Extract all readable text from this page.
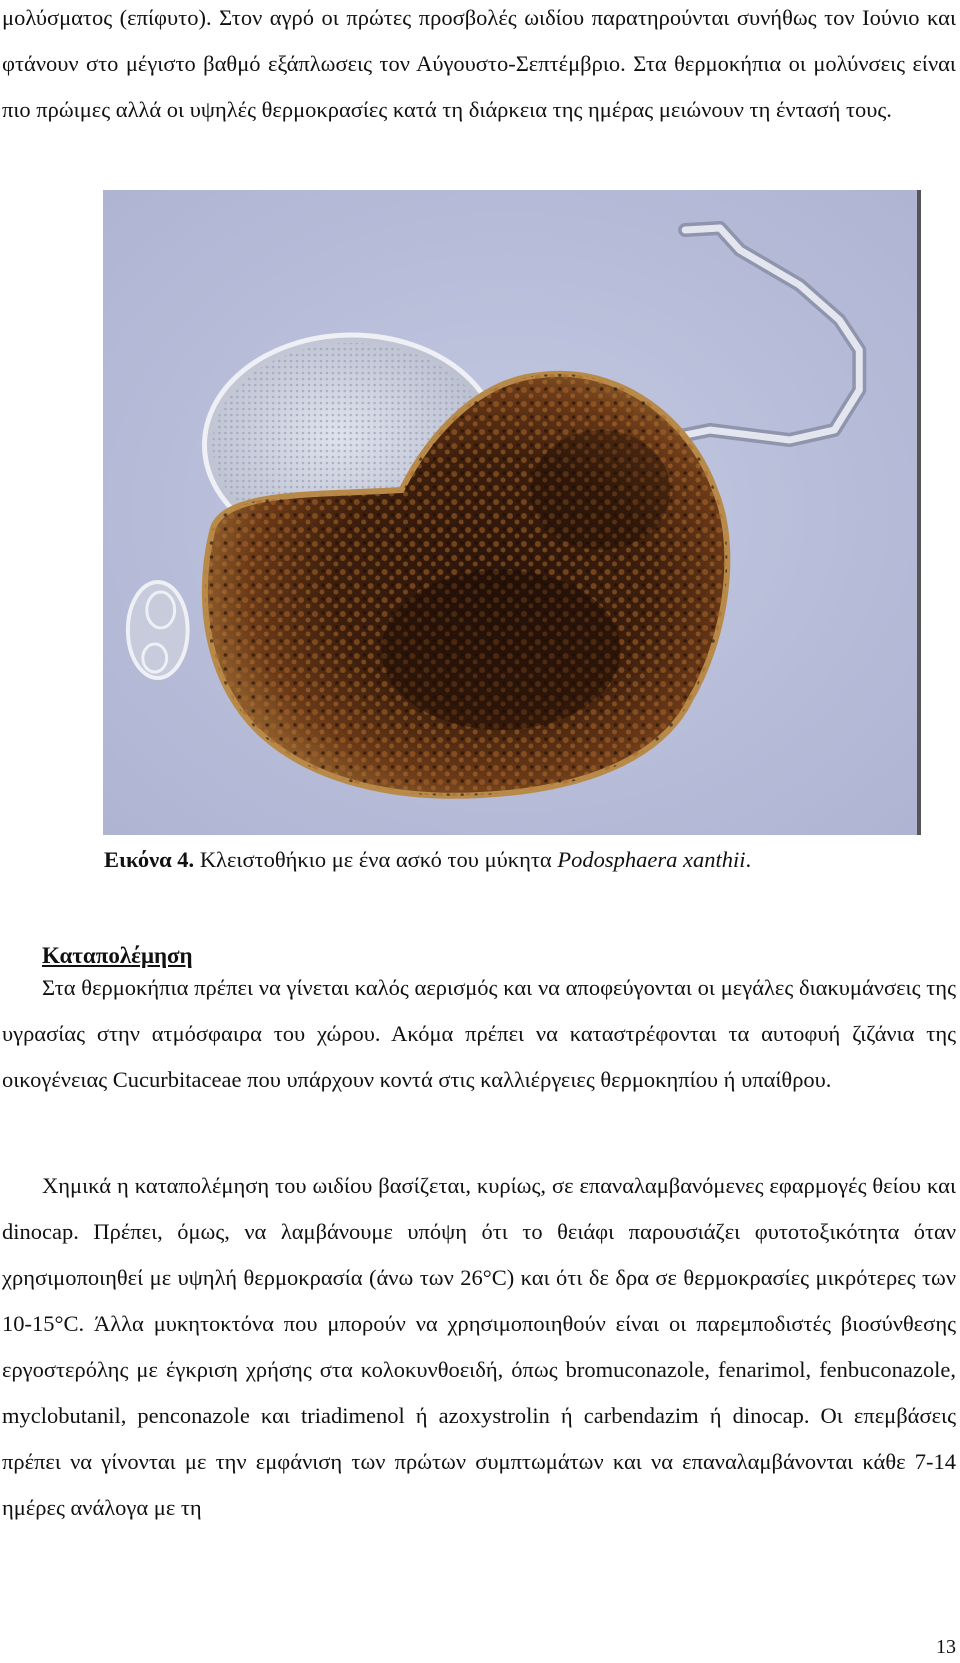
μολύσματος (επίφυτο). Στον αγρό οι πρώτες προσβολές ωιδίου παρατηρούνται συνήθως τον Ιούνιο και φτάνουν στο μέγιστο βαθμό εξάπλωσεις τον Αύγουστο-Σεπτέμβριο. Στα θερμοκήπια οι μολύνσεις είναι πιο πρώιμες αλλά οι υψηλές θερμοκρασίες κατά τη διάρκεια της ημέρας μειώνουν τη έντασή τους.

Εικόνα 4. Κλειστοθήκιο με ένα ασκό του μύκητα Podosphaera xanthii.
Καταπολέμηση

Στα θερμοκήπια πρέπει να γίνεται καλός αερισμός και να αποφεύγονται οι μεγάλες διακυμάνσεις της υγρασίας στην ατμόσφαιρα του χώρου. Ακόμα πρέπει να καταστρέφονται τα αυτοφυή ζιζάνια της οικογένειας Cucurbitaceae που υπάρχουν κοντά στις καλλιέργειες θερμοκηπίου ή υπαίθρου.

Χημικά η καταπολέμηση του ωιδίου βασίζεται, κυρίως, σε επαναλαμβανόμενες εφαρμογές θείου και dinocap. Πρέπει, όμως, να λαμβάνουμε υπόψη ότι το θειάφι παρουσιάζει φυτοτοξικότητα όταν χρησιμοποιηθεί με υψηλή θερμοκρασία (άνω των 26°C) και ότι δε δρα σε θερμοκρασίες μικρότερες των 10-15°C. Άλλα μυκητοκτόνα που μπορούν να χρησιμοποιηθούν είναι οι παρεμποδιστές βιοσύνθεσης εργοστερόλης με έγκριση χρήσης στα κολοκυνθοειδή, όπως bromuconazole, fenarimol, fenbuconazole, myclobutanil, penconazole και triadimenol ή azoxystrolin ή carbendazim ή dinocap. Οι επεμβάσεις πρέπει να γίνονται με την εμφάνιση των πρώτων συμπτωμάτων και να επαναλαμβάνονται κάθε 7-14 ημέρες ανάλογα με τη

13
